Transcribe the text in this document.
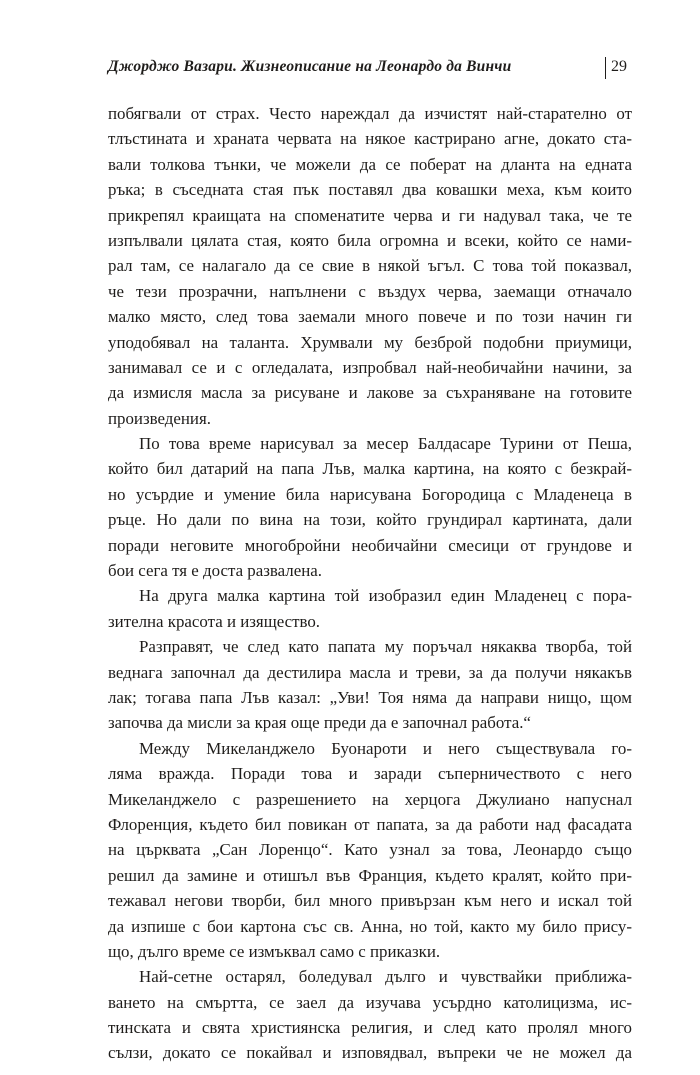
Джорджо Вазари. Жизнеописание на Леонардо да Винчи	29
побягвали от страх. Често нареждал да изчистят най-старателно от
тлъстината и храната червата на някое кастрирано агне, докато ста-
вали толкова тънки, че можели да се поберат на дланта на едната
ръка; в съседната стая пък поставял два ковашки меха, към които
прикрепял краищата на споменатите черва и ги надувал така, че те
изпълвали цялата стая, която била огромна и всеки, който се нами-
рал там, се налагало да се свие в някой ъгъл. С това той показвал,
че тези прозрачни, напълнени с въздух черва, заемащи отначало
малко място, след това заемали много повече и по този начин ги
уподобявал на таланта. Хрумвали му безброй подобни приумици,
занимавал се и с огледалата, изпробвал най-необичайни начини, за
да измисля масла за рисуване и лакове за съхраняване на готовите
произведения.
По това време нарисувал за месер Балдасаре Турини от Пеша,
който бил датарий на папа Лъв, малка картина, на която с безкрай-
но усърдие и умение била нарисувана Богородица с Младенеца в
ръце. Но дали по вина на този, който грундирал картината, дали
поради неговите многобройни необичайни смесици от грундове и
бои сега тя е доста развалена.
На друга малка картина той изобразил един Младенец с пора-
зителна красота и изящество.
Разправят, че след като папата му поръчал някаква творба, той
веднага започнал да дестилира масла и треви, за да получи някакъв
лак; тогава папа Лъв казал: „Уви! Тоя няма да направи нищо, щом
започва да мисли за края още преди да е започнал работа.“
Между Микеланджело Буонароти и него съществувала го-
ляма вражда. Поради това и заради съперничеството с него
Микеланджело с разрешението на херцога Джулиано напуснал
Флоренция, където бил повикан от папата, за да работи над фасадата
на църквата „Сан Лоренцо“. Като узнал за това, Леонардо също
решил да замине и отишъл във Франция, където кралят, който при-
тежавал негови творби, бил много привързан към него и искал той
да изпише с бои картона със св. Анна, но той, както му било прису-
що, дълго време се измъквал само с приказки.
Най-сетне остарял, боледувал дълго и чувствайки приближа-
ването на смъртта, се заел да изучава усърдно католицизма, ис-
тинската и свята християнска религия, и след като пролял много
сълзи, докато се покайвал и изповядвал, въпреки че не можел да
